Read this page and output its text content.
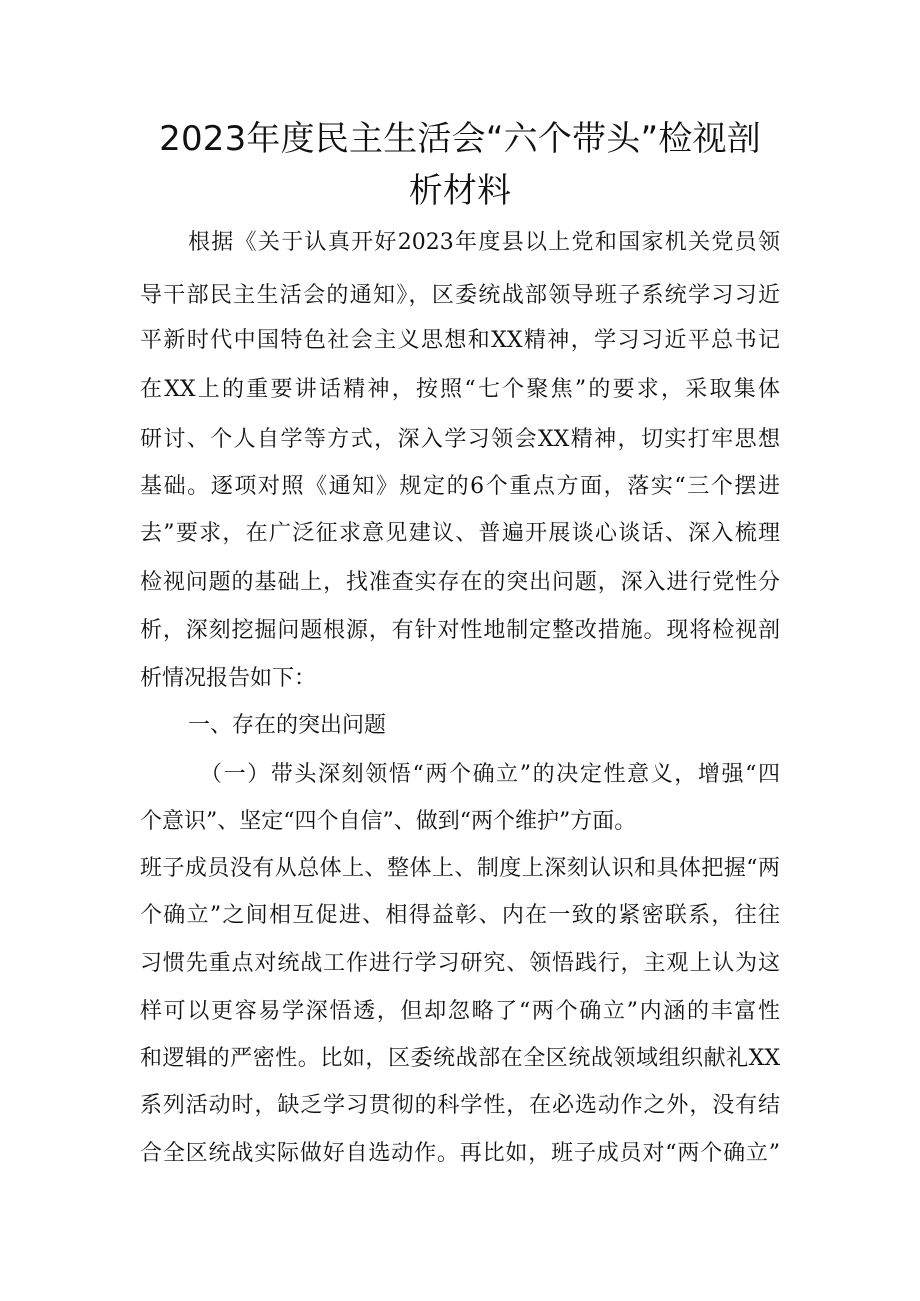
2023年度民主生活会“六个带头”检视剖
析材料
根据《关于认真开好2023年度县以上党和国家机关党员领
导干部民主生活会的通知》，区委统战部领导班子系统学习习近
平新时代中国特色社会主义思想和XX精神，学习习近平总书记
在XX上的重要讲话精神，按照“七个聚焦”的要求，采取集体
研讨、个人自学等方式，深入学习领会XX精神，切实打牢思想
基础。逐项对照《通知》规定的6个重点方面，落实“三个摆进
去”要求，在广泛征求意见建议、普遍开展谈心谈话、深入梳理
检视问题的基础上，找准查实存在的突出问题，深入进行党性分
析，深刻挖掘问题根源，有针对性地制定整改措施。现将检视剖
析情况报告如下：
一、存在的突出问题
（一）带头深刻领悟“两个确立”的决定性意义，增强“四
个意识”、坚定“四个自信”、做到“两个维护”方面。
班子成员没有从总体上、整体上、制度上深刻认识和具体把握“两
个确立”之间相互促进、相得益彰、内在一致的紧密联系，往往
习惯先重点对统战工作进行学习研究、领悟践行，主观上认为这
样可以更容易学深悟透，但却忽略了“两个确立”内涵的丰富性
和逻辑的严密性。比如，区委统战部在全区统战领域组织献礼XX
系列活动时，缺乏学习贯彻的科学性，在必选动作之外，没有结
合全区统战实际做好自选动作。再比如，班子成员对“两个确立”
